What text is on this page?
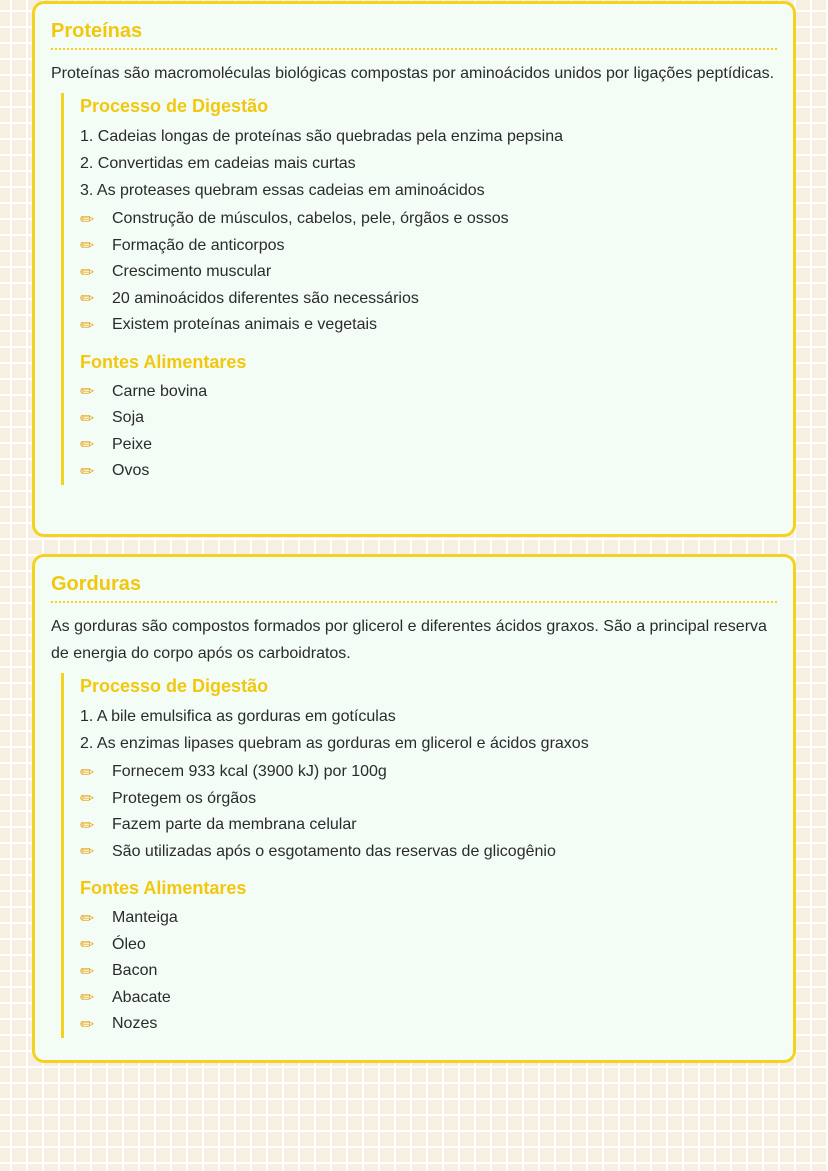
Proteínas

Proteínas são macromoléculas biológicas compostas por aminoácidos unidos por ligações peptídicas.

Processo de Digestão
1. Cadeias longas de proteínas são quebradas pela enzima pepsina
2. Convertidas em cadeias mais curtas
3. As proteases quebram essas cadeias em aminoácidos
✏	Construção de músculos, cabelos, pele, órgãos e ossos
✏	Formação de anticorpos
✏	Crescimento muscular
✏	20 aminoácidos diferentes são necessários
✏	Existem proteínas animais e vegetais
Fontes Alimentares
✏	Carne bovina
✏	Soja
✏	Peixe
✏	Ovos
Gorduras

As gorduras são compostos formados por glicerol e diferentes ácidos graxos. São a principal reserva de energia do corpo após os carboidratos.

Processo de Digestão
1. A bile emulsifica as gorduras em gotículas
2. As enzimas lipases quebram as gorduras em glicerol e ácidos graxos
✏	Fornecem 933 kcal (3900 kJ) por 100g
✏	Protegem os órgãos
✏	Fazem parte da membrana celular
✏	São utilizadas após o esgotamento das reservas de glicogênio
Fontes Alimentares
✏	Manteiga
✏	Óleo
✏	Bacon
✏	Abacate
✏	Nozes
